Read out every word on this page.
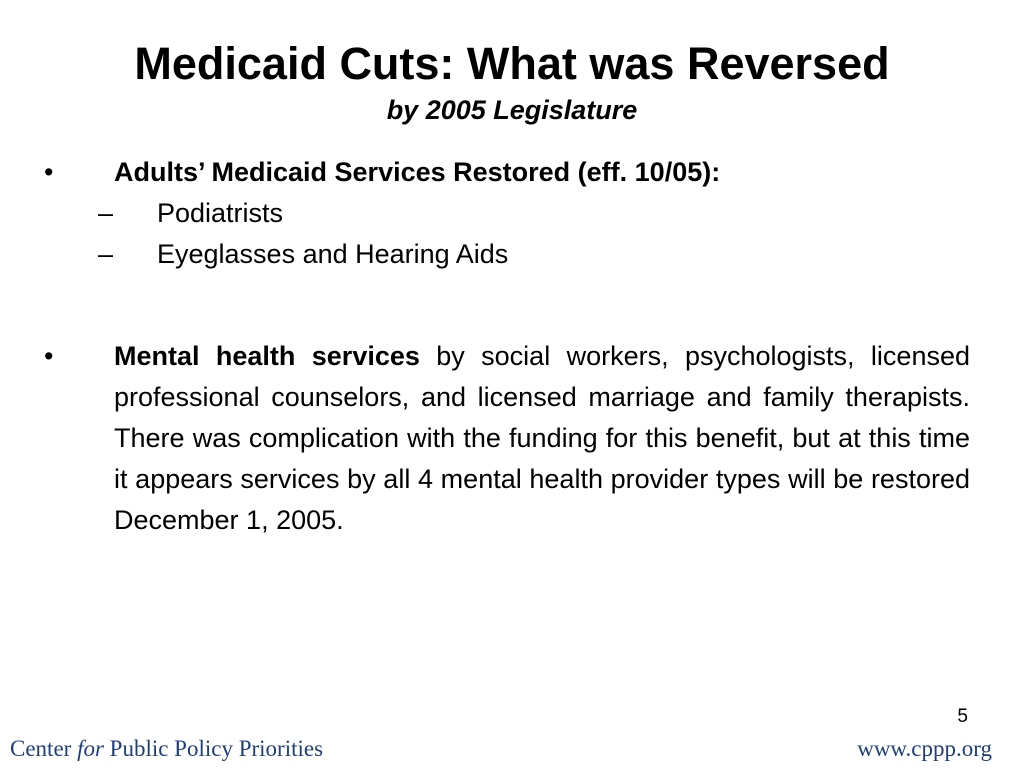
Medicaid Cuts: What was Reversed
by 2005 Legislature
• Adults’ Medicaid Services Restored (eff. 10/05):
– Podiatrists
– Eyeglasses and Hearing Aids
• Mental health services by social workers, psychologists, licensed professional counselors, and licensed marriage and family therapists. There was complication with the funding for this benefit, but at this time it appears services by all 4 mental health provider types will be restored December 1, 2005.
5
Center for Public Policy Priorities	www.cppp.org
